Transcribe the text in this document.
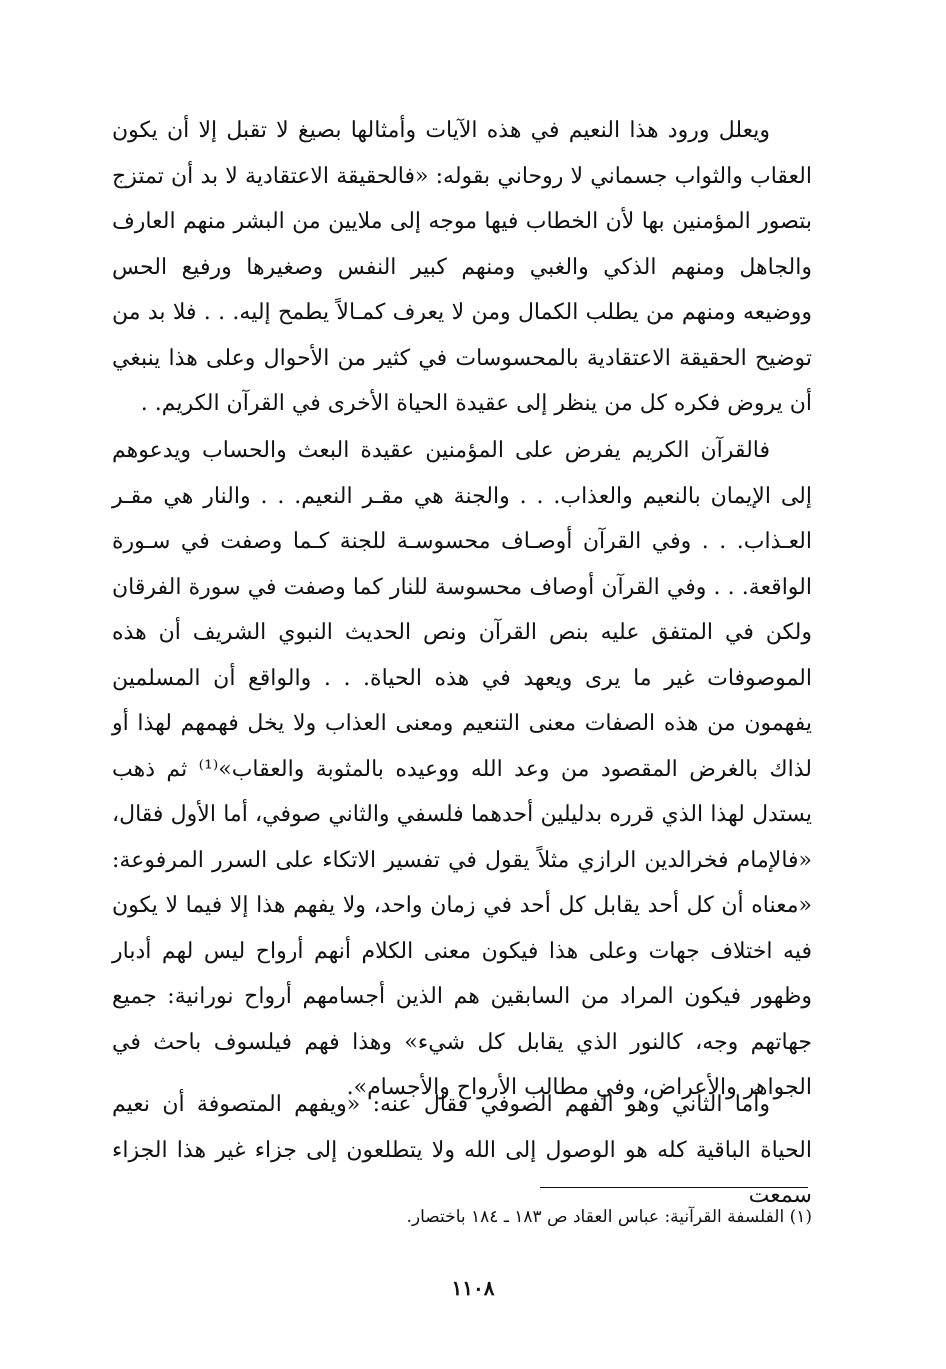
ويعلل ورود هذا النعيم في هذه الآيات وأمثالها بصيغ لا تقبل إلا أن يكون العقاب والثواب جسماني لا روحاني بقوله: «فالحقيقة الاعتقادية لا بد أن تمتزج بتصور المؤمنين بها لأن الخطاب فيها موجه إلى ملايين من البشر منهم العارف والجاهل ومنهم الذكي والغبي ومنهم كبير النفس وصغيرها ورفيع الحس ووضيعه ومنهم من يطلب الكمال ومن لا يعرف كمـالاً يطمح إليه. . . فلا بد من توضيح الحقيقة الاعتقادية بالمحسوسات في كثير من الأحوال وعلى هذا ينبغي أن يروض فكره كل من ينظر إلى عقيدة الحياة الأخرى في القرآن الكريم. .

فالقرآن الكريم يفرض على المؤمنين عقيدة البعث والحساب ويدعوهم إلى الإيمان بالنعيم والعذاب. . . والجنة هي مقـر النعيم. . . والنار هي مقـر العـذاب. . . وفي القرآن أوصـاف محسوسـة للجنة كـما وصفت في سـورة الواقعة. . . وفي القرآن أوصاف محسوسة للنار كما وصفت في سورة الفرقان ولكن في المتفق عليه بنص القرآن ونص الحديث النبوي الشريف أن هذه الموصوفات غير ما يرى ويعهد في هذه الحياة. . . والواقع أن المسلمين يفهمون من هذه الصفات معنى التنعيم ومعنى العذاب ولا يخل فهمهم لهذا أو لذاك بالغرض المقصود من وعد الله ووعيده بالمثوبة والعقاب»⁽¹⁾ ثم ذهب يستدل لهذا الذي قرره بدليلين أحدهما فلسفي والثاني صوفي، أما الأول فقال، «فالإمام فخرالدين الرازي مثلاً يقول في تفسير الاتكاء على السرر المرفوعة: «معناه أن كل أحد يقابل كل أحد في زمان واحد، ولا يفهم هذا إلا فيما لا يكون فيه اختلاف جهات وعلى هذا فيكون معنى الكلام أنهم أرواح ليس لهم أدبار وظهور فيكون المراد من السابقين هم الذين أجسامهم أرواح نورانية: جميع جهاتهم وجه، كالنور الذي يقابل كل شيء» وهذا فهم فيلسوف باحث في الجواهر والأعراض، وفي مطالب الأرواح والأجسام».

وأما الثاني وهو الفهم الصوفي فقال عنه: «ويفهم المتصوفة أن نعيم الحياة الباقية كله هو الوصول إلى الله ولا يتطلعون إلى جزاء غير هذا الجزاء سمعت

(١) الفلسفة القرآنية: عباس العقاد ص ١٨٣ ـ ١٨٤ باختصار.
١١٠٨
